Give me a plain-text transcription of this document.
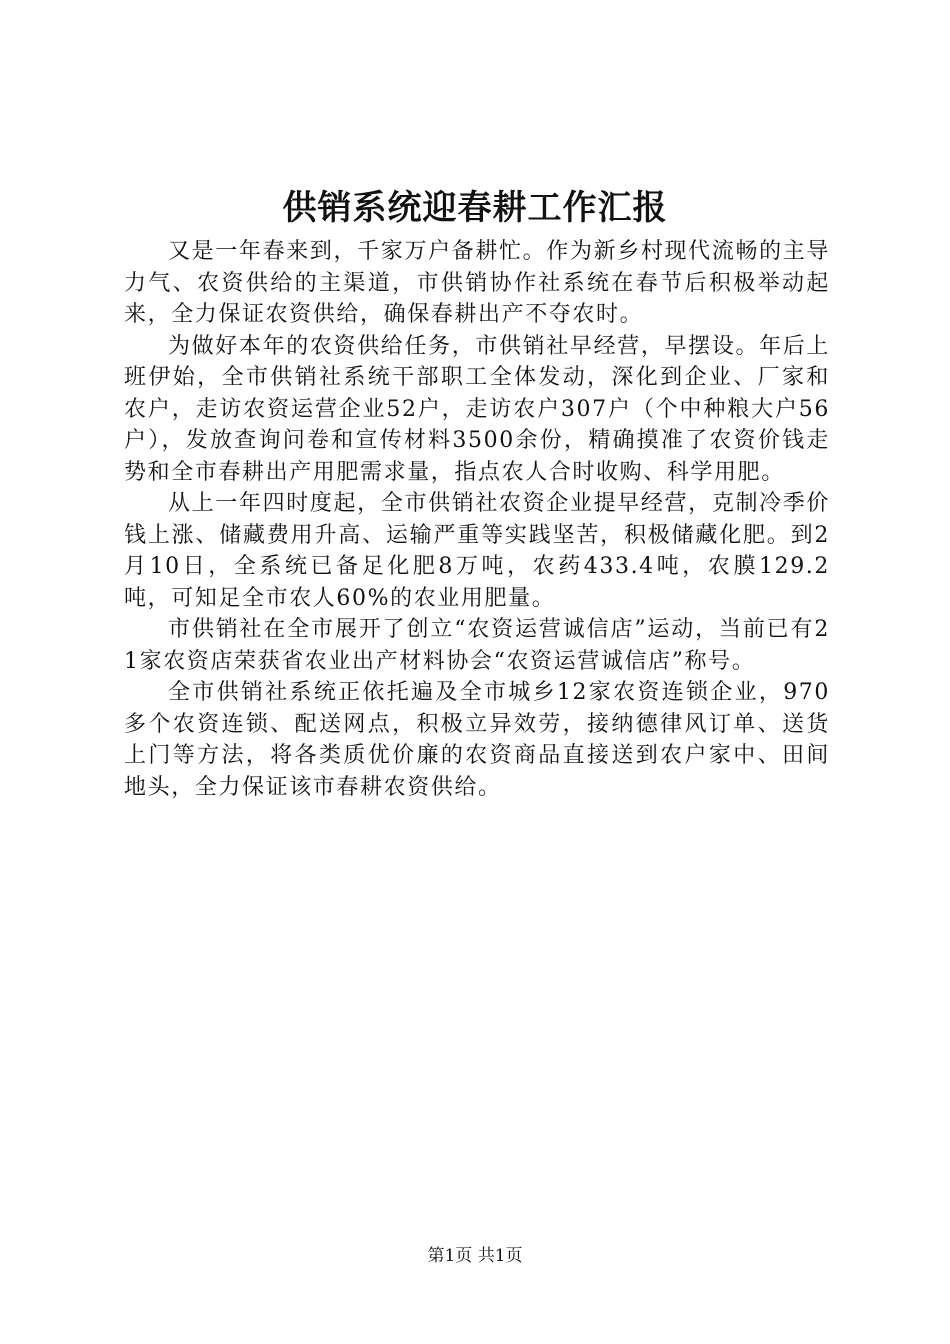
供销系统迎春耕工作汇报

又是一年春来到，千家万户备耕忙。作为新乡村现代流畅的主导力气、农资供给的主渠道，市供销协作社系统在春节后积极举动起来，全力保证农资供给，确保春耕出产不夺农时。

为做好本年的农资供给任务，市供销社早经营，早摆设。年后上班伊始，全市供销社系统干部职工全体发动，深化到企业、厂家和农户，走访农资运营企业52户，走访农户307户（个中种粮大户56户），发放查询问卷和宣传材料3500余份，精确摸准了农资价钱走势和全市春耕出产用肥需求量，指点农人合时收购、科学用肥。

从上一年四时度起，全市供销社农资企业提早经营，克制冷季价钱上涨、储藏费用升高、运输严重等实践坚苦，积极储藏化肥。到2月10日，全系统已备足化肥8万吨，农药433.4吨，农膜129.2吨，可知足全市农人60%的农业用肥量。

市供销社在全市展开了创立“农资运营诚信店”运动，当前已有21家农资店荣获省农业出产材料协会“农资运营诚信店”称号。

全市供销社系统正依托遍及全市城乡12家农资连锁企业，970多个农资连锁、配送网点，积极立异效劳，接纳德律风订单、送货上门等方法，将各类质优价廉的农资商品直接送到农户家中、田间地头，全力保证该市春耕农资供给。

第1页 共1页
